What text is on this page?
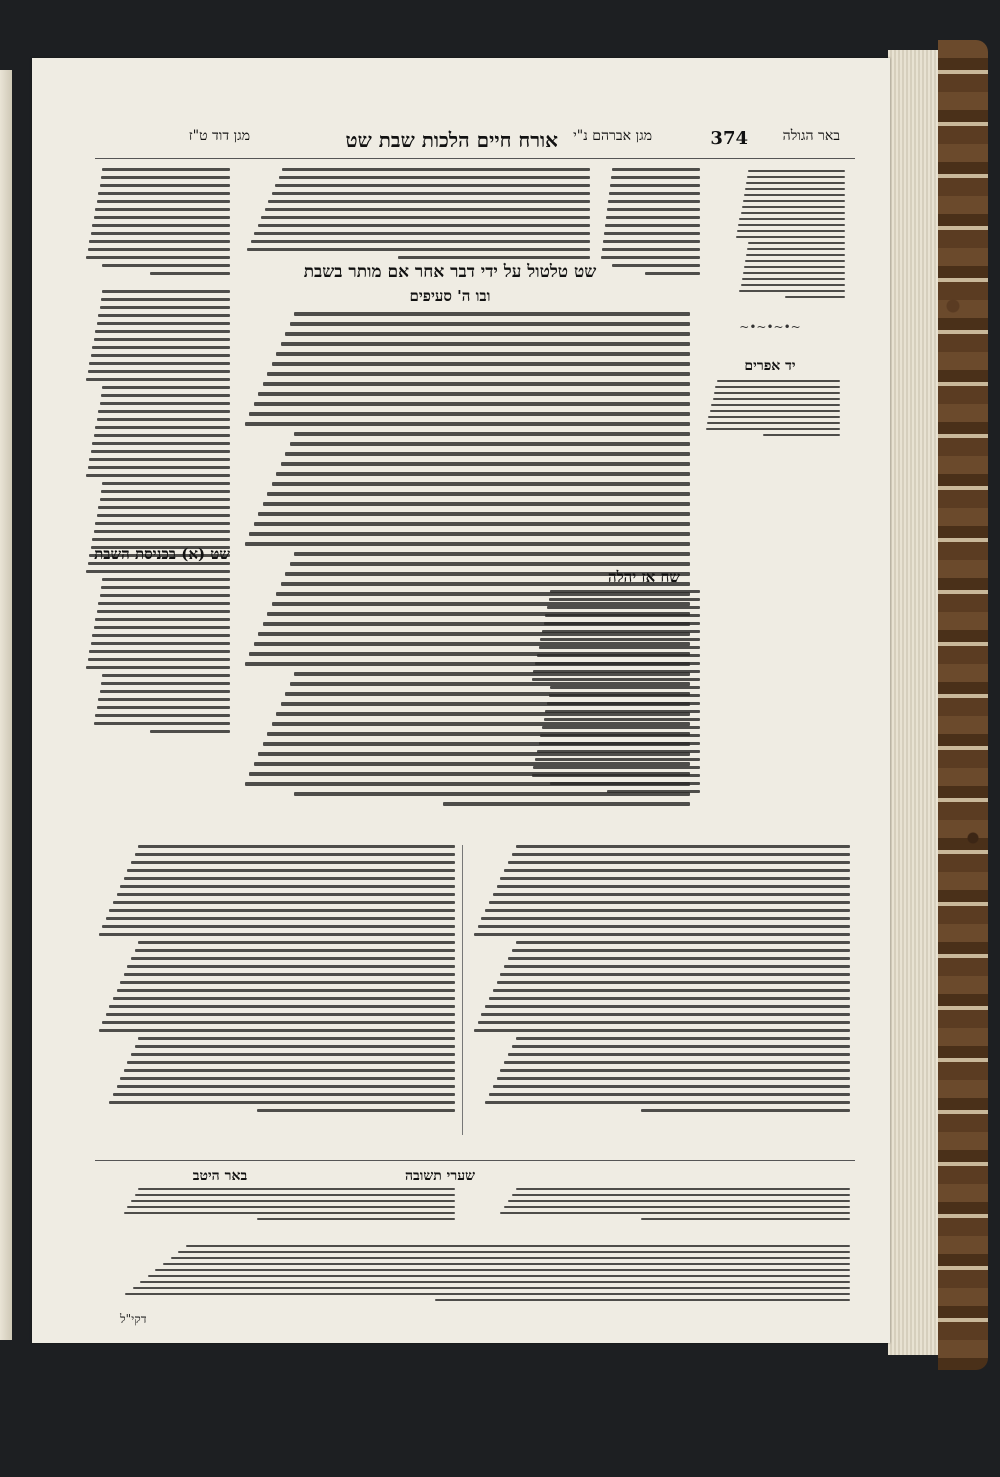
באר הגולה
374
מגן אברהם נ"י
אורח חיים הלכות שבת שט
מגן דוד ט"ז
~•~•~•~
יד אפרים
שט טלטול על ידי דבר אחר אם מותר בשבת
ובו ה' סעיפים
שח אז יהלה
שט (א) בכניסת השבת
שערי תשובה
באר היטב
דקי"ל
